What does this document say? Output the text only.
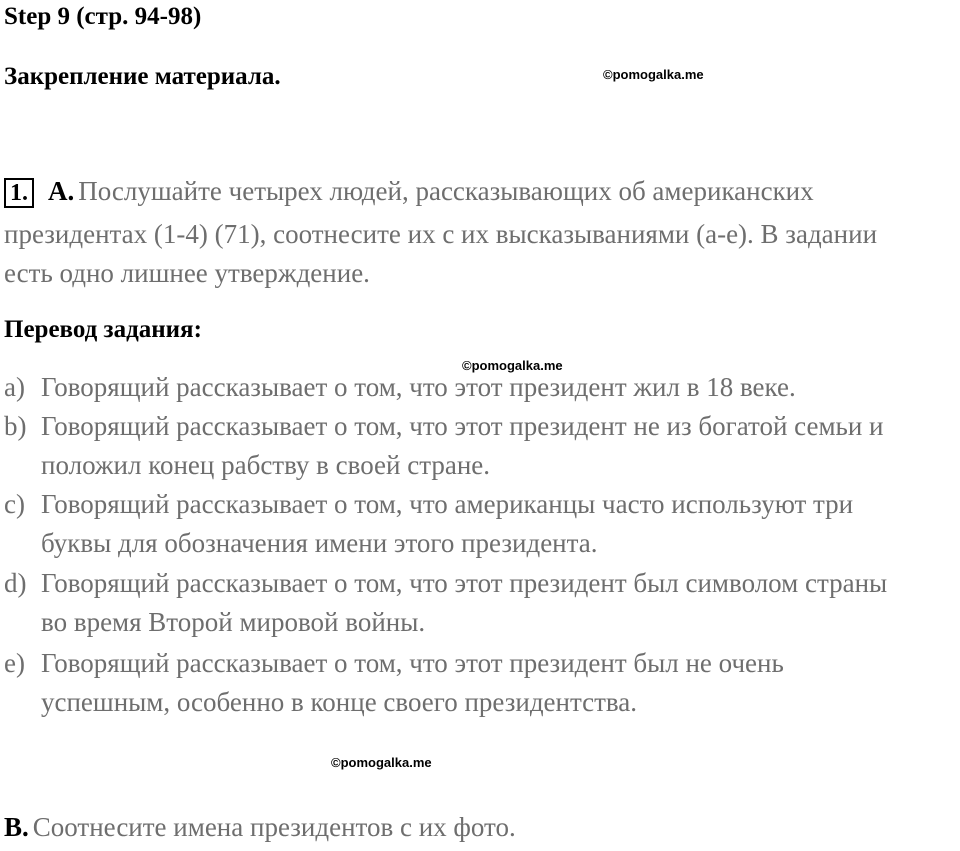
Step 9 (стр. 94-98)
Закрепление материала.	©pomogalka.me
1. А. Послушайте четырех людей, рассказывающих об американских
президентах (1-4) (71), соотнесите их с их высказываниями (a-e). В задании
есть одно лишнее утверждение.
Перевод задания:
©pomogalka.me
a) Говорящий рассказывает о том, что этот президент жил в 18 веке.
b) Говорящий рассказывает о том, что этот президент не из богатой семьи и
положил конец рабству в своей стране.
c) Говорящий рассказывает о том, что американцы часто используют три
буквы для обозначения имени этого президента.
d) Говорящий рассказывает о том, что этот президент был символом страны
во время Второй мировой войны.
e) Говорящий рассказывает о том, что этот президент был не очень
успешным, особенно в конце своего президентства.
©pomogalka.me
B. Соотнесите имена президентов с их фото.
